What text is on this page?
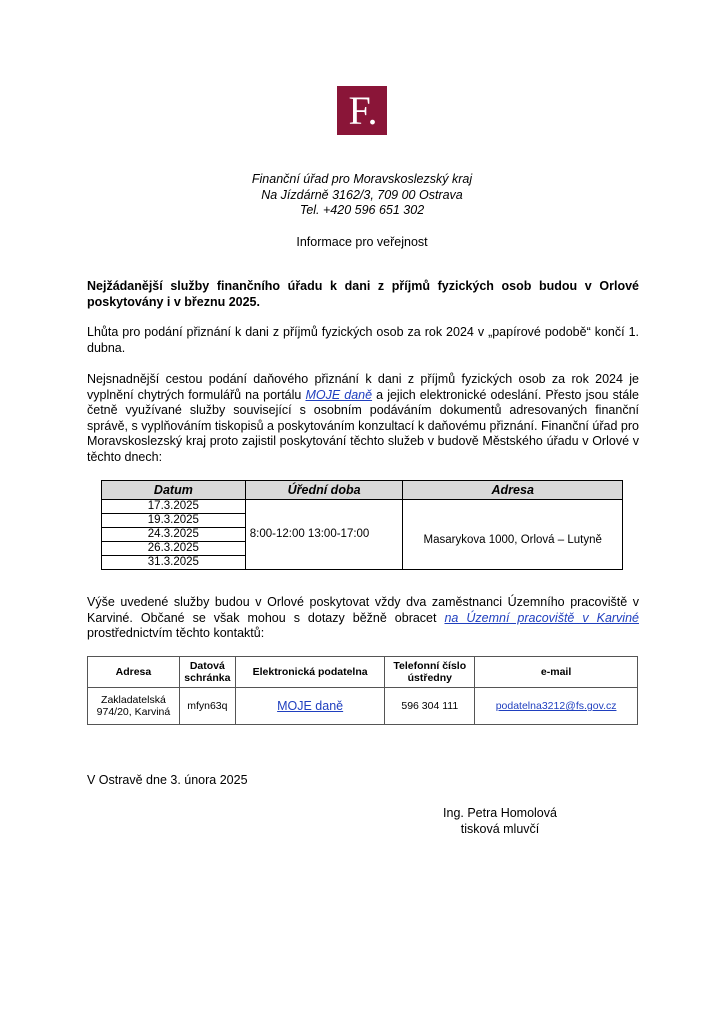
F.
Finanční úřad pro Moravskoslezský kraj
Na Jízdárně 3162/3, 709 00 Ostrava
Tel. +420 596 651 302
Informace pro veřejnost
Nejžádanější služby finančního úřadu k dani z příjmů fyzických osob budou v Orlové poskytovány i v březnu 2025.

Lhůta pro podání přiznání k dani z příjmů fyzických osob za rok 2024 v „papírové podobě“ končí 1. dubna.

Nejsnadnější cestou podání daňového přiznání k dani z příjmů fyzických osob za rok 2024 je vyplnění chytrých formulářů na portálu MOJE daně a jejich elektronické odeslání. Přesto jsou stále četně využívané služby související s osobním podáváním dokumentů adresovaných finanční správě, s vyplňováním tiskopisů a poskytováním konzultací k daňovému přiznání. Finanční úřad pro Moravskoslezský kraj proto zajistil poskytování těchto služeb v budově Městského úřadu v Orlové v těchto dnech:

Datum	Úřední doba	Adresa
17.3.2025	8:00-12:00 13:00-17:00	Masarykova 1000, Orlová – Lutyně
19.3.2025		
24.3.2025		
26.3.2025		
31.3.2025		

Výše uvedené služby budou v Orlové poskytovat vždy dva zaměstnanci Územního pracoviště v Karviné. Občané se však mohou s dotazy běžně obracet na Územní pracoviště v Karviné prostřednictvím těchto kontaktů:

Adresa	Datová schránka	Elektronická podatelna	Telefonní číslo ústředny	e-mail
Zakladatelská 974/20, Karviná	mfyn63q	MOJE daně	596 304 111	podatelna3212@fs.gov.cz
V Ostravě dne 3. února 2025
Ing. Petra Homolová
tisková mluvčí
